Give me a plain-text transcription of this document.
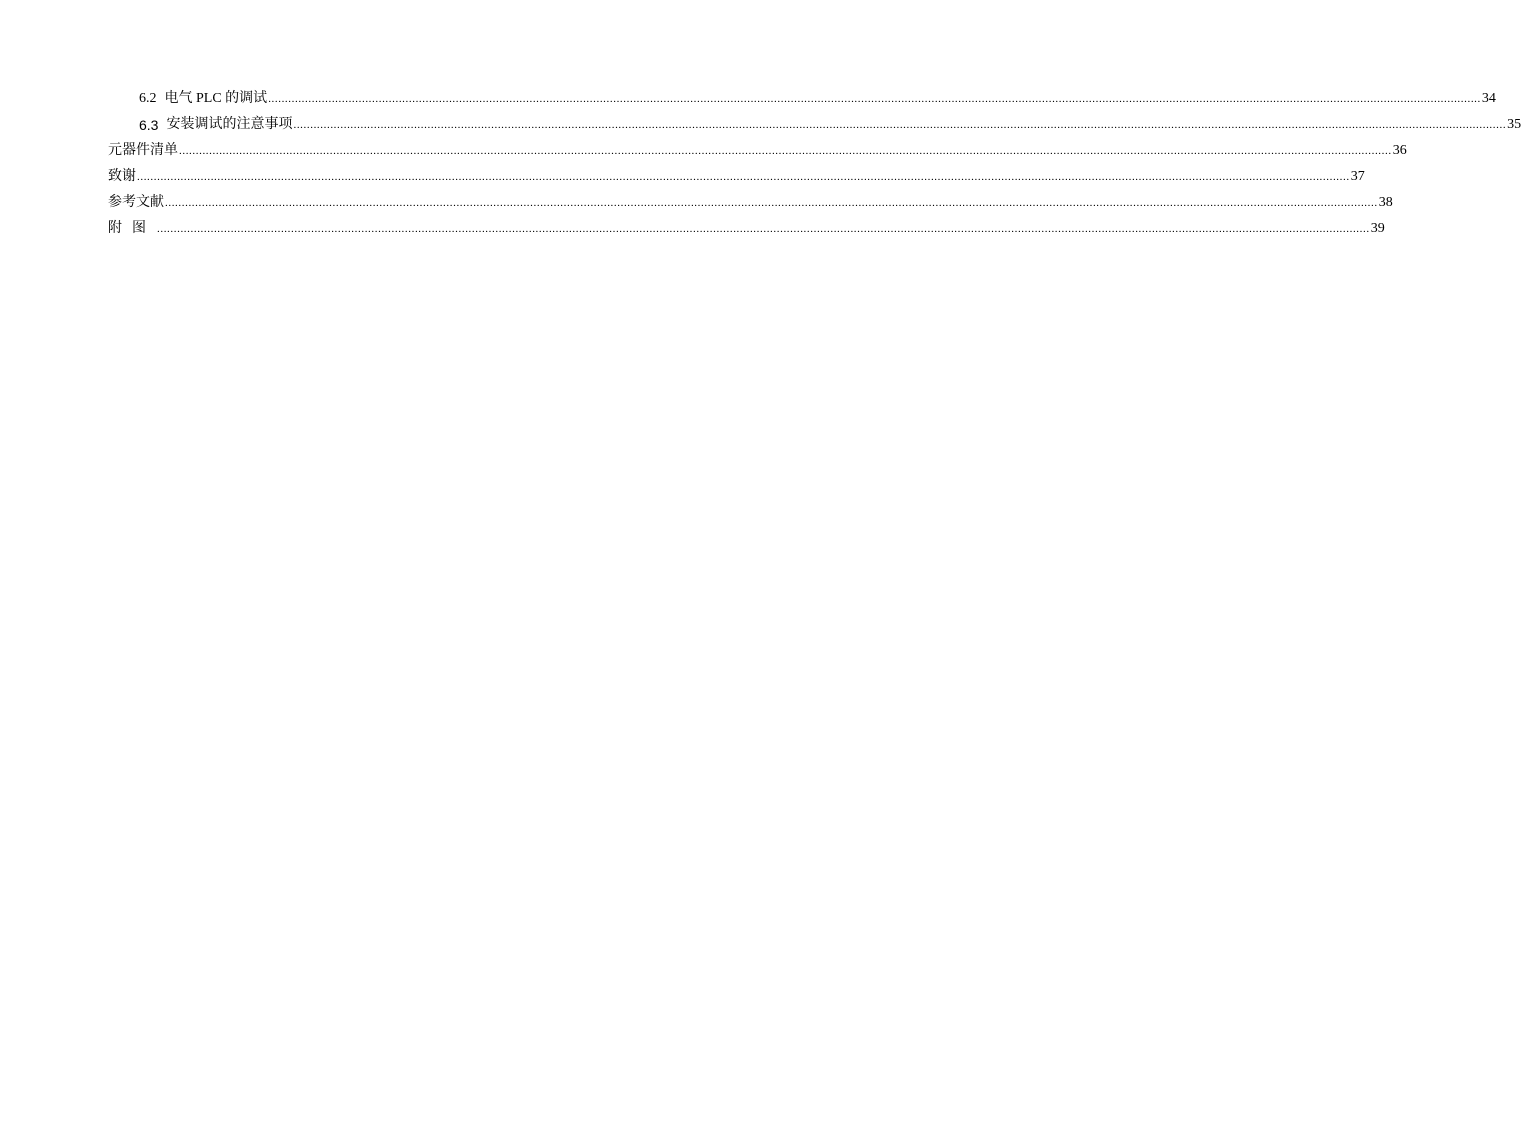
6.2 电气 PLC 的调试 .......................................................................................................................................................................................................................................................................................................................................................................... 34
6.3 安装调试的注意事项 .......................................................................................................................................................................................................................................................................................................................................................................... 35
元器件清单 .......................................................................................................................................................................................................................................................................................................................................................................... 36
致谢 .......................................................................................................................................................................................................................................................................................................................................................................... 37
参考文献 .......................................................................................................................................................................................................................................................................................................................................................................... 38
附图 .......................................................................................................................................................................................................................................................................................................................................................................... 39
